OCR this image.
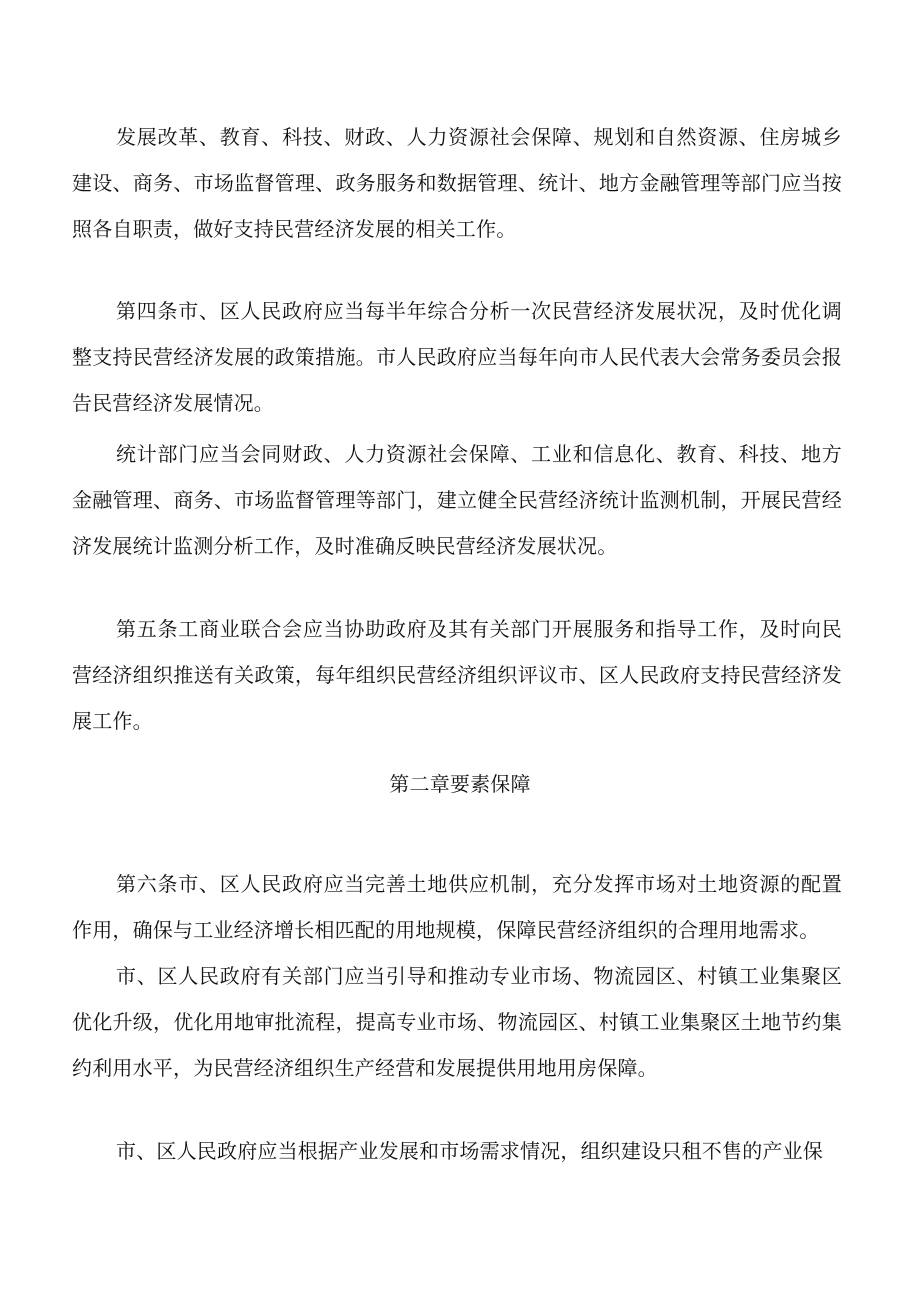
发展改革、教育、科技、财政、人力资源社会保障、规划和自然资源、住房城乡建设、商务、市场监督管理、政务服务和数据管理、统计、地方金融管理等部门应当按照各自职责，做好支持民营经济发展的相关工作。

第四条市、区人民政府应当每半年综合分析一次民营经济发展状况，及时优化调整支持民营经济发展的政策措施。市人民政府应当每年向市人民代表大会常务委员会报告民营经济发展情况。

统计部门应当会同财政、人力资源社会保障、工业和信息化、教育、科技、地方金融管理、商务、市场监督管理等部门，建立健全民营经济统计监测机制，开展民营经济发展统计监测分析工作，及时准确反映民营经济发展状况。

第五条工商业联合会应当协助政府及其有关部门开展服务和指导工作，及时向民营经济组织推送有关政策，每年组织民营经济组织评议市、区人民政府支持民营经济发展工作。

第二章要素保障

第六条市、区人民政府应当完善土地供应机制，充分发挥市场对土地资源的配置作用，确保与工业经济增长相匹配的用地规模，保障民营经济组织的合理用地需求。

市、区人民政府有关部门应当引导和推动专业市场、物流园区、村镇工业集聚区优化升级，优化用地审批流程，提高专业市场、物流园区、村镇工业集聚区土地节约集约利用水平，为民营经济组织生产经营和发展提供用地用房保障。

市、区人民政府应当根据产业发展和市场需求情况，组织建设只租不售的产业保
